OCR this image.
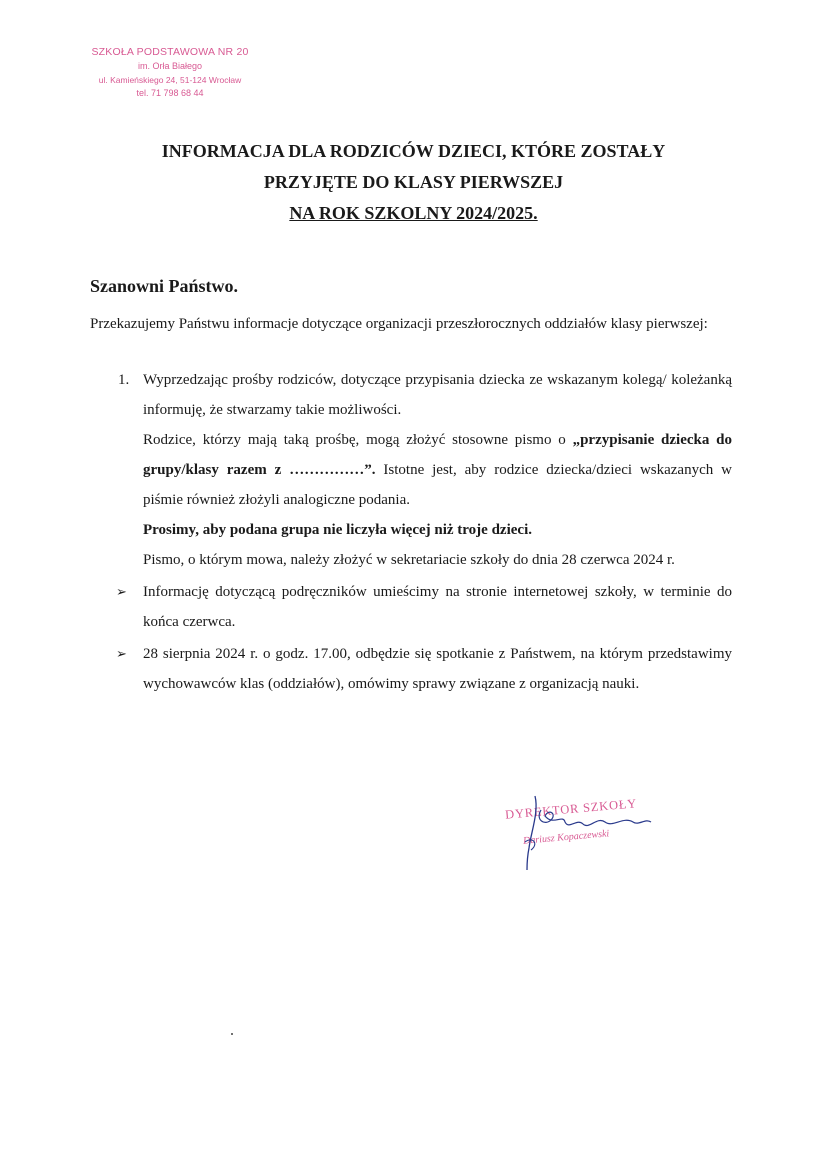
SZKOŁA PODSTAWOWA NR 20
im. Orła Białego
ul. Kamieńskiego 24, 51-124 Wrocław
tel. 71 798 68 44
INFORMACJA DLA RODZICÓW DZIECI, KTÓRE ZOSTAŁY
PRZYJĘTE DO KLASY PIERWSZEJ
NA ROK SZKOLNY 2024/2025.
Szanowni Państwo.
Przekazujemy Państwu informacje dotyczące organizacji przeszłorocznych oddziałów klasy pierwszej:
1. Wyprzedzając prośby rodziców, dotyczące przypisania dziecka ze wskazanym kolegą/ koleżanką informuję, że stwarzamy takie możliwości.

Rodzice, którzy mają taką prośbę, mogą złożyć stosowne pismo o „przypisanie dziecka do grupy/klasy razem z ……………”. Istotne jest, aby rodzice dziecka/dzieci wskazanych w piśmie również złożyli analogiczne podania.

Prosimy, aby podana grupa nie liczyła więcej niż troje dzieci.

Pismo, o którym mowa, należy złożyć w sekretariacie szkoły do dnia 28 czerwca 2024 r.

➢ Informację dotyczącą podręczników umieścimy na stronie internetowej szkoły, w terminie do końca czerwca.

➢ 28 sierpnia 2024 r. o godz. 17.00, odbędzie się spotkanie z Państwem, na którym przedstawimy wychowawców klas (oddziałów), omówimy sprawy związane z organizacją nauki.

DYREKTOR SZKOŁY
Dariusz Kopaczewski
